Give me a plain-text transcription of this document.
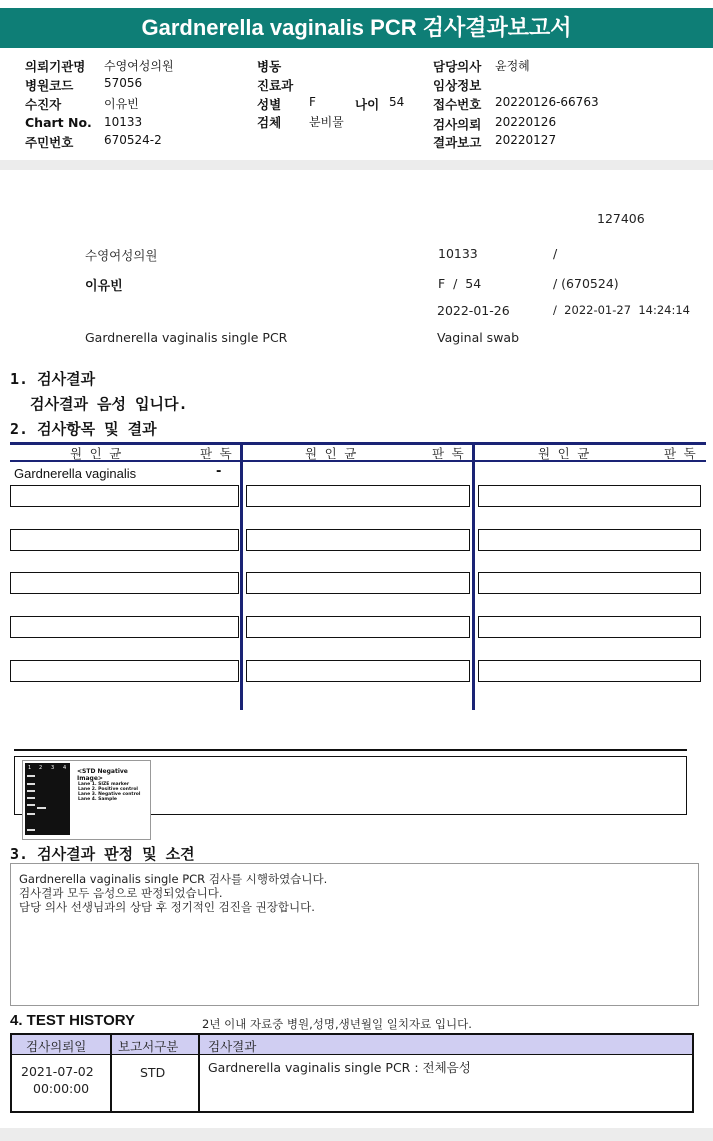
Gardnerella vaginalis PCR 검사결과보고서
의뢰기관명 수영여성의원
병원코드	57056
수진자	이유빈
Chart No. 10133
주민번호	670524-2
병동
진료과
성별 F	나이 54
검체 분비물
담당의사 윤정혜
임상정보
접수번호 20220126-66763
검사의뢰 20220126
결과보고 20220127
127406
수영여성의원	10133	/
이유빈	F  /  54	/ (670524)
2022-01-26	/  2022-01-27  14:24:14
Gardnerella vaginalis single PCR	Vaginal swab
1. 검사결과
검사결과 음성 입니다.
2. 검사항목 및 결과
원 인 균	판 독	원 인 균	판 독	원 인 균	판 독
Gardnerella vaginalis	-
1 2 3 4 <STD Negative Image>
Lane 1. SIZE marker
Lane 2. Positive control
Lane 3. Negative control
Lane 4. Sample
3. 검사결과 판정 및 소견
Gardnerella vaginalis single PCR 검사를 시행하였습니다.
검사결과 모두 음성으로 판정되었습니다.
담당 의사 선생님과의 상담 후 정기적인 검진을 권장합니다.
4. TEST HISTORY	2년 이내 자료중 병원,성명,생년월일 일치자료 입니다.
검사의뢰일	보고서구분 검사결과
2021-07-02
00:00:00
STD	Gardnerella vaginalis single PCR : 전체음성
